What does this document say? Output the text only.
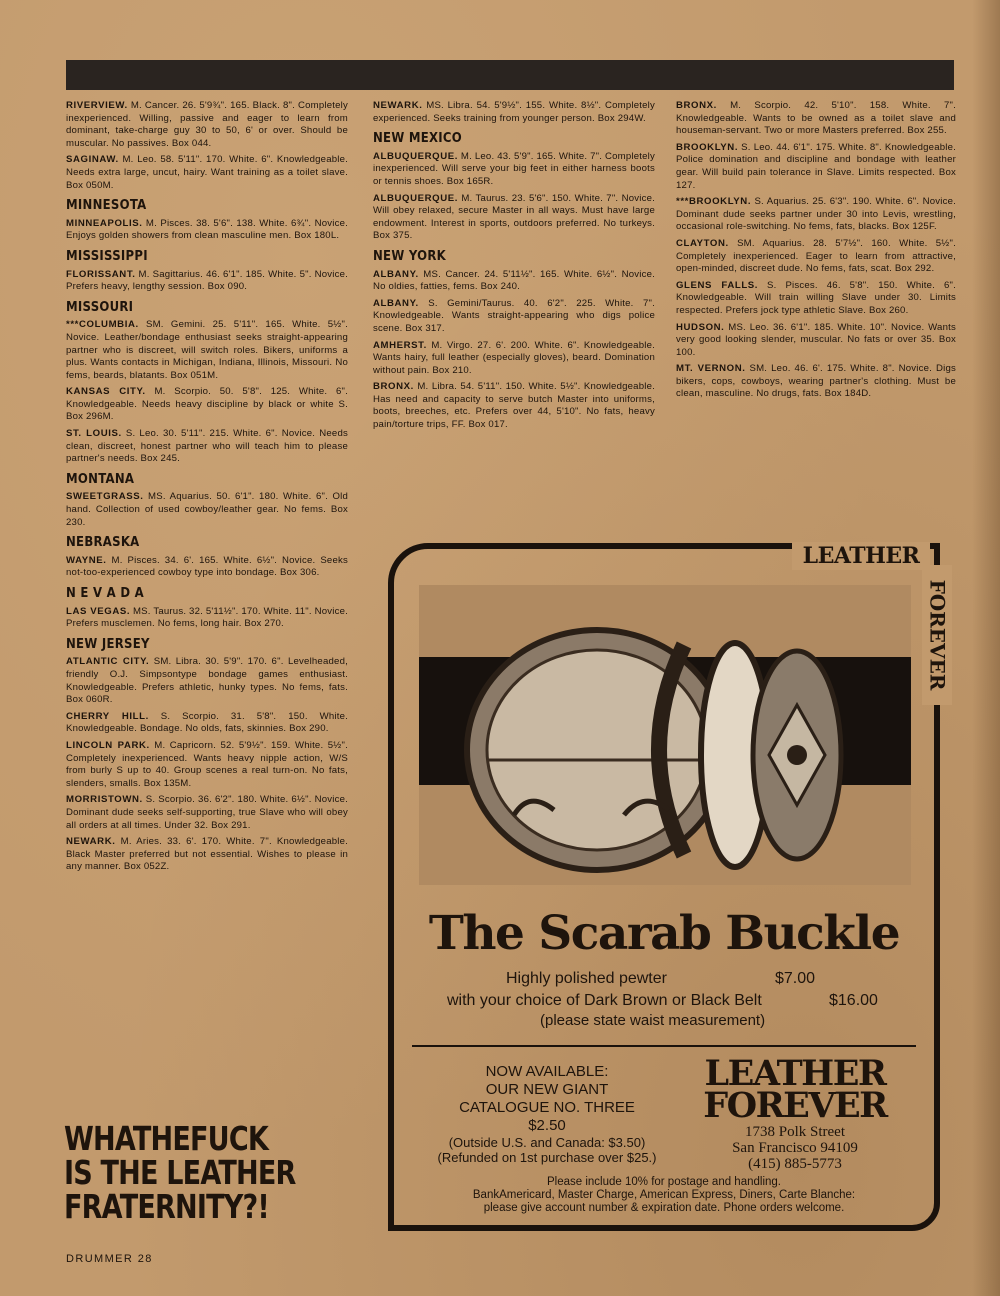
RIVERVIEW. M. Cancer. 26. 5'9¾". 165. Black. 8". Completely inexperienced. Willing, passive and eager to learn from dominant, take-charge guy 30 to 50, 6' or over. Should be muscular. No passives. Box 044.
SAGINAW. M. Leo. 58. 5'11". 170. White. 6". Knowledgeable. Needs extra large, uncut, hairy. Want training as a toilet slave. Box 050M.
MINNESOTA
MINNEAPOLIS. M. Pisces. 38. 5'6". 138. White. 6¾". Novice. Enjoys golden showers from clean masculine men. Box 180L.
MISSISSIPPI
FLORISSANT. M. Sagittarius. 46. 6'1". 185. White. 5". Novice. Prefers heavy, lengthy session. Box 090.
MISSOURI
***COLUMBIA. SM. Gemini. 25. 5'11". 165. White. 5½". Novice. Leather/bondage enthusiast seeks straight-appearing partner who is discreet, will switch roles. Bikers, uniforms a plus. Wants contacts in Michigan, Indiana, Illinois, Missouri. No fems, beards, blatants. Box 051M.
KANSAS CITY. M. Scorpio. 50. 5'8". 125. White. 6". Knowledgeable. Needs heavy discipline by black or white S. Box 296M.
ST. LOUIS. S. Leo. 30. 5'11". 215. White. 6". Novice. Needs clean, discreet, honest partner who will teach him to please partner's needs. Box 245.
MONTANA
SWEETGRASS. MS. Aquarius. 50. 6'1". 180. White. 6". Old hand. Collection of used cowboy/leather gear. No fems. Box 230.
NEBRASKA
WAYNE. M. Pisces. 34. 6'. 165. White. 6½". Novice. Seeks not-too-experienced cowboy type into bondage. Box 306.
N E V A D A
LAS VEGAS. MS. Taurus. 32. 5'11½". 170. White. 11". Novice. Prefers musclemen. No fems, long hair. Box 270.
NEW JERSEY
ATLANTIC CITY. SM. Libra. 30. 5'9". 170. 6". Levelheaded, friendly O.J. Simpsontype bondage games enthusiast. Knowledgeable. Prefers athletic, hunky types. No fems, fats. Box 060R.
CHERRY HILL. S. Scorpio. 31. 5'8". 150. White. Knowledgeable. Bondage. No olds, fats, skinnies. Box 290.
LINCOLN PARK. M. Capricorn. 52. 5'9½". 159. White. 5½". Completely inexperienced. Wants heavy nipple action, W/S from burly S up to 40. Group scenes a real turn-on. No fats, slenders, smalls. Box 135M.
MORRISTOWN. S. Scorpio. 36. 6'2". 180. White. 6½". Novice. Dominant dude seeks self-supporting, true Slave who will obey all orders at all times. Under 32. Box 291.
NEWARK. M. Aries. 33. 6'. 170. White. 7". Knowledgeable. Black Master preferred but not essential. Wishes to please in any manner. Box 052Z.
NEWARK. MS. Libra. 54. 5'9½". 155. White. 8½". Completely experienced. Seeks training from younger person. Box 294W.
NEW MEXICO
ALBUQUERQUE. M. Leo. 43. 5'9". 165. White. 7". Completely inexperienced. Will serve your big feet in either harness boots or tennis shoes. Box 165R.
ALBUQUERQUE. M. Taurus. 23. 5'6". 150. White. 7". Novice. Will obey relaxed, secure Master in all ways. Must have large endowment. Interest in sports, outdoors preferred. No turkeys. Box 375.
NEW YORK
ALBANY. MS. Cancer. 24. 5'11½". 165. White. 6½". Novice. No oldies, fatties, fems. Box 240.
ALBANY. S. Gemini/Taurus. 40. 6'2". 225. White. 7". Knowledgeable. Wants straight-appearing who digs police scene. Box 317.
AMHERST. M. Virgo. 27. 6'. 200. White. 6". Knowledgeable. Wants hairy, full leather (especially gloves), beard. Domination without pain. Box 210.
BRONX. M. Libra. 54. 5'11". 150. White. 5½". Knowledgeable. Has need and capacity to serve butch Master into uniforms, boots, breeches, etc. Prefers over 44, 5'10". No fats, heavy pain/torture trips, FF. Box 017.
BRONX. M. Scorpio. 42. 5'10". 158. White. 7". Knowledgeable. Wants to be owned as a toilet slave and houseman-servant. Two or more Masters preferred. Box 255.
BROOKLYN. S. Leo. 44. 6'1". 175. White. 8". Knowledgeable. Police domination and discipline and bondage with leather gear. Will build pain tolerance in Slave. Limits respected. Box 127.
***BROOKLYN. S. Aquarius. 25. 6'3". 190. White. 6". Novice. Dominant dude seeks partner under 30 into Levis, wrestling, occasional role-switching. No fems, fats, blacks. Box 125F.
CLAYTON. SM. Aquarius. 28. 5'7½". 160. White. 5½". Completely inexperienced. Eager to learn from attractive, open-minded, discreet dude. No fems, fats, scat. Box 292.
GLENS FALLS. S. Pisces. 46. 5'8". 150. White. 6". Knowledgeable. Will train willing Slave under 30. Limits respected. Prefers jock type athletic Slave. Box 260.
HUDSON. MS. Leo. 36. 6'1". 185. White. 10". Novice. Wants very good looking slender, muscular. No fats or over 35. Box 100.
MT. VERNON. SM. Leo. 46. 6'. 175. White. 8". Novice. Digs bikers, cops, cowboys, wearing partner's clothing. Must be clean, masculine. No drugs, fats. Box 184D.
WHATHEFUCK
IS THE LEATHER
FRATERNITY?!
DRUMMER 28
LEATHER
FOREVER
The Scarab Buckle
Highly polished pewter	$7.00
with your choice of Dark Brown or Black Belt	$16.00
(please state waist measurement)
NOW AVAILABLE:
OUR NEW GIANT
CATALOGUE NO. THREE
$2.50
(Outside U.S. and Canada: $3.50)
(Refunded on 1st purchase over $25.)
LEATHER
FOREVER
1738 Polk Street
San Francisco 94109
(415) 885-5773
Please include 10% for postage and handling.
BankAmericard, Master Charge, American Express, Diners, Carte Blanche:
please give account number & expiration date. Phone orders welcome.
